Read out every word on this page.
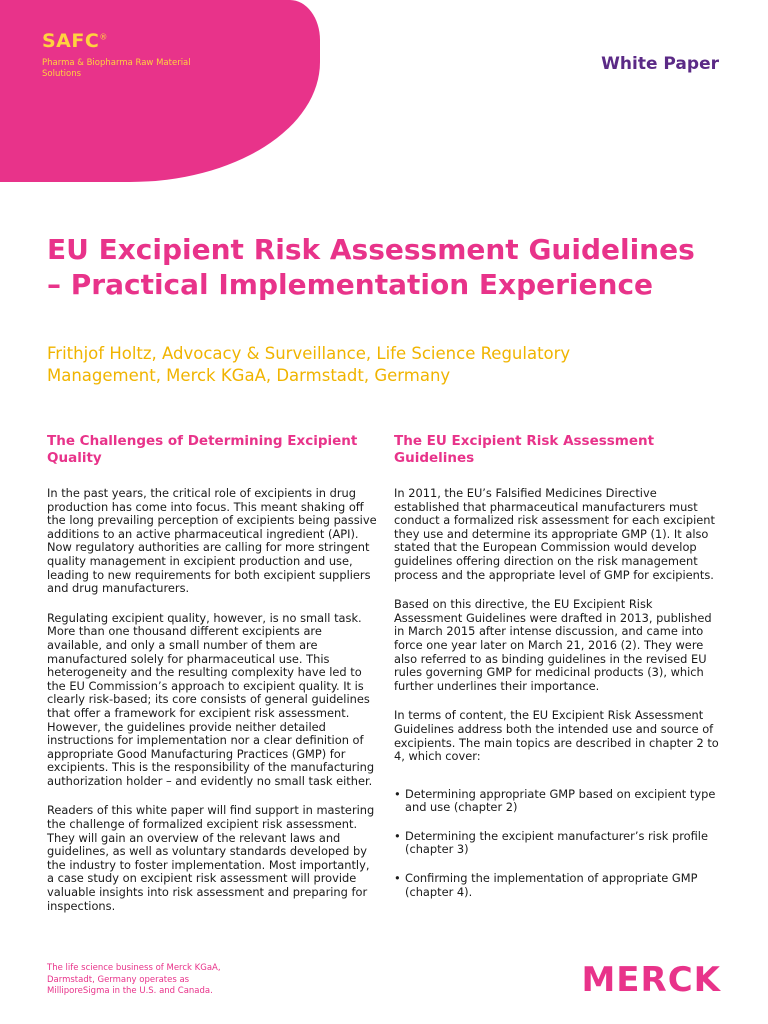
SAFC®
Pharma & Biopharma Raw Material Solutions	White Paper
EU Excipient Risk Assessment Guidelines – Practical Implementation Experience

Frithjof Holtz, Advocacy & Surveillance, Life Science Regulatory Management, Merck KGaA, Darmstadt, Germany

The Challenges of Determining Excipient Quality

In the past years, the critical role of excipients in drug production has come into focus. This meant shaking off the long prevailing perception of excipients being passive additions to an active pharmaceutical ingredient (API). Now regulatory authorities are calling for more stringent quality management in excipient production and use, leading to new requirements for both excipient suppliers and drug manufacturers.

Regulating excipient quality, however, is no small task. More than one thousand different excipients are available, and only a small number of them are manufactured solely for pharmaceutical use. This heterogeneity and the resulting complexity have led to the EU Commission’s approach to excipient quality. It is clearly risk-based; its core consists of general guidelines that offer a framework for excipient risk assessment. However, the guidelines provide neither detailed instructions for implementation nor a clear definition of appropriate Good Manufacturing Practices (GMP) for excipients. This is the responsibility of the manufacturing authorization holder – and evidently no small task either.

Readers of this white paper will find support in mastering the challenge of formalized excipient risk assessment. They will gain an overview of the relevant laws and guidelines, as well as voluntary standards developed by the industry to foster implementation. Most importantly, a case study on excipient risk assessment will provide valuable insights into risk assessment and preparing for inspections.

The EU Excipient Risk Assessment Guidelines

In 2011, the EU’s Falsified Medicines Directive established that pharmaceutical manufacturers must conduct a formalized risk assessment for each excipient they use and determine its appropriate GMP (1). It also stated that the European Commission would develop guidelines offering direction on the risk management process and the appropriate level of GMP for excipients.

Based on this directive, the EU Excipient Risk Assessment Guidelines were drafted in 2013, published in March 2015 after intense discussion, and came into force one year later on March 21, 2016 (2). They were also referred to as binding guidelines in the revised EU rules governing GMP for medicinal products (3), which further underlines their importance.

In terms of content, the EU Excipient Risk Assessment Guidelines address both the intended use and source of excipients. The main topics are described in chapter 2 to 4, which cover:

• Determining appropriate GMP based on excipient type and use (chapter 2)
• Determining the excipient manufacturer’s risk profile (chapter 3)
• Confirming the implementation of appropriate GMP (chapter 4).

The life science business of Merck KGaA, Darmstadt, Germany operates as MilliporeSigma in the U.S. and Canada.	MERCK
